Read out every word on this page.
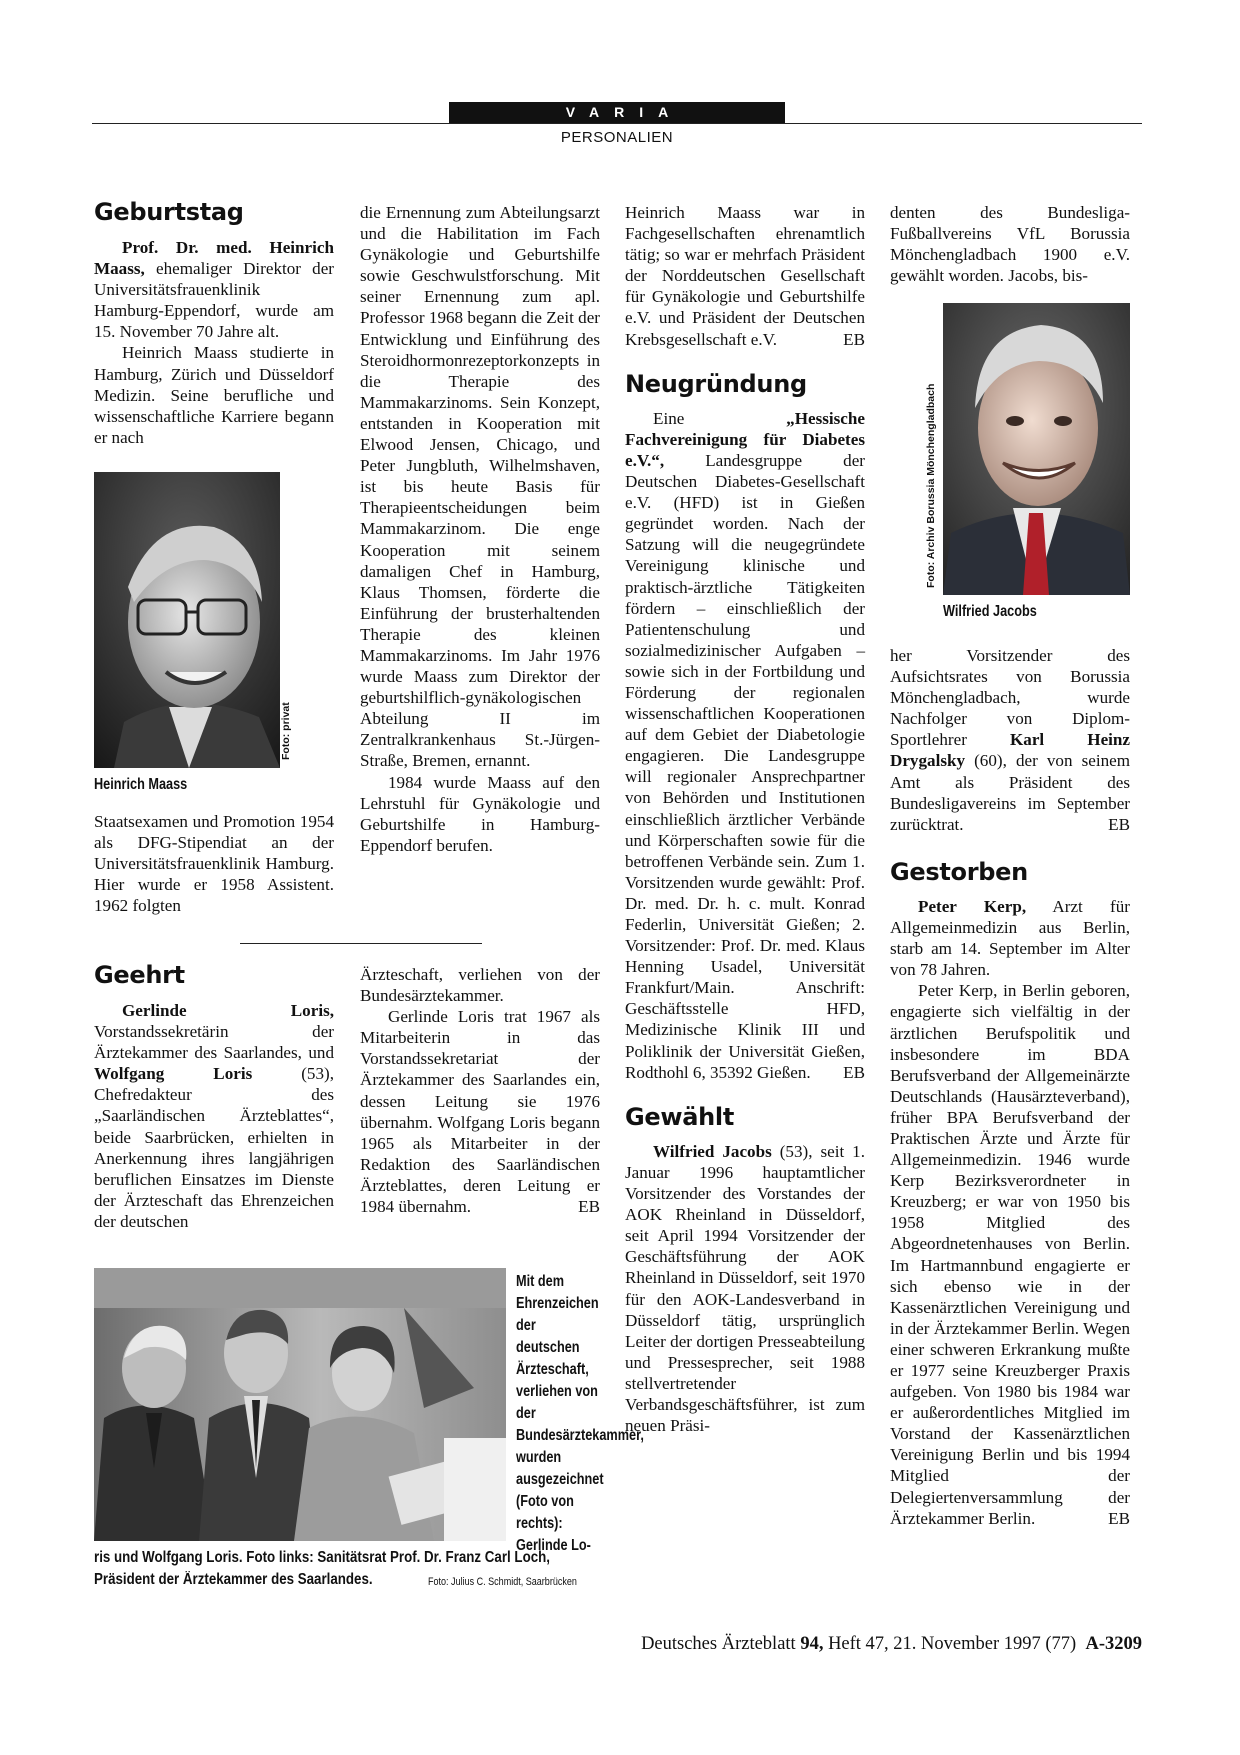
VARIA
PERSONALIEN
Geburtstag

Prof. Dr. med. Heinrich Maass, ehemaliger Direktor der Universitätsfrauenklinik Hamburg-Eppendorf, wurde am 15. November 70 Jahre alt.

Heinrich Maass studierte in Hamburg, Zürich und Düsseldorf Medizin. Seine berufliche und wissenschaftliche Karriere begann er nach

Foto: privat
Heinrich Maass

Staatsexamen und Promotion 1954 als DFG-Stipendiat an der Universitätsfrauenklinik Hamburg. Hier wurde er 1958 Assistent. 1962 folgten

die Ernennung zum Abteilungsarzt und die Habilitation im Fach Gynäkologie und Geburtshilfe sowie Geschwulstforschung. Mit seiner Ernennung zum apl. Professor 1968 begann die Zeit der Entwicklung und Einführung des Steroidhormonrezeptorkonzepts in die Therapie des Mammakarzinoms. Sein Konzept, entstanden in Kooperation mit Elwood Jensen, Chicago, und Peter Jungbluth, Wilhelmshaven, ist bis heute Basis für Therapieentscheidungen beim Mammakarzinom. Die enge Kooperation mit seinem damaligen Chef in Hamburg, Klaus Thomsen, förderte die Einführung der brusterhaltenden Therapie des kleinen Mammakarzinoms. Im Jahr 1976 wurde Maass zum Direktor der geburtshilflich-gynäkologischen Abteilung II im Zentralkrankenhaus St.-Jürgen-Straße, Bremen, ernannt.

1984 wurde Maass auf den Lehrstuhl für Gynäkologie und Geburtshilfe in Hamburg-Eppendorf berufen.

Geehrt

Gerlinde Loris, Vorstandssekretärin der Ärztekammer des Saarlandes, und Wolfgang Loris (53), Chefredakteur des „Saarländischen Ärzteblattes“, beide Saarbrücken, erhielten in Anerkennung ihres langjährigen beruflichen Einsatzes im Dienste der Ärzteschaft das Ehrenzeichen der deutschen

Ärzteschaft, verliehen von der Bundesärztekammer.

Gerlinde Loris trat 1967 als Mitarbeiterin in das Vorstandssekretariat der Ärztekammer des Saarlandes ein, dessen Leitung sie 1976 übernahm. Wolfgang Loris begann 1965 als Mitarbeiter in der Redaktion des Saarländischen Ärzteblattes, deren Leitung er 1984 übernahm.	EB

Mit dem Ehrenzeichen der deutschen Ärzteschaft, verliehen von der Bundesärztekammer, wurden ausgezeichnet (Foto von rechts): Gerlinde Lo-
ris und Wolfgang Loris. Foto links: Sanitätsrat Prof. Dr. Franz Carl Loch,
Präsident der Ärztekammer des Saarlandes.	Foto: Julius C. Schmidt, Saarbrücken

Heinrich Maass war in Fachgesellschaften ehrenamtlich tätig; so war er mehrfach Präsident der Norddeutschen Gesellschaft für Gynäkologie und Geburtshilfe e.V. und Präsident der Deutschen Krebsgesellschaft e.V.	EB

Neugründung

Eine „Hessische Fachvereinigung für Diabetes e.V.“, Landesgruppe der Deutschen Diabetes-Gesellschaft e.V. (HFD) ist in Gießen gegründet worden. Nach der Satzung will die neugegründete Vereinigung klinische und praktisch-ärztliche Tätigkeiten fördern – einschließlich der Patientenschulung und sozialmedizinischer Aufgaben – sowie sich in der Fortbildung und Förderung der regionalen wissenschaftlichen Kooperationen auf dem Gebiet der Diabetologie engagieren. Die Landesgruppe will regionaler Ansprechpartner von Behörden und Institutionen einschließlich ärztlicher Verbände und Körperschaften sowie für die betroffenen Verbände sein. Zum 1. Vorsitzenden wurde gewählt: Prof. Dr. med. Dr. h. c. mult. Konrad Federlin, Universität Gießen; 2. Vorsitzender: Prof. Dr. med. Klaus Henning Usadel, Universität Frankfurt/Main. Anschrift: Geschäftsstelle HFD, Medizinische Klinik III und Poliklinik der Universität Gießen, Rodthohl 6, 35392 Gießen.	EB

Gewählt

Wilfried Jacobs (53), seit 1. Januar 1996 hauptamtlicher Vorsitzender des Vorstandes der AOK Rheinland in Düsseldorf, seit April 1994 Vorsitzender der Geschäftsführung der AOK Rheinland in Düsseldorf, seit 1970 für den AOK-Landesverband in Düsseldorf tätig, ursprünglich Leiter der dortigen Presseabteilung und Pressesprecher, seit 1988 stellvertretender Verbandsgeschäftsführer, ist zum neuen Präsi-

denten des Bundesliga-Fußballvereins VfL Borussia Mönchengladbach 1900 e.V. gewählt worden. Jacobs, bis-

Foto: Archiv Borussia Mönchengladbach
Wilfried Jacobs

her Vorsitzender des Aufsichtsrates von Borussia Mönchengladbach, wurde Nachfolger von Diplom-Sportlehrer Karl Heinz Drygalsky (60), der von seinem Amt als Präsident des Bundesligavereins im September zurücktrat.	EB

Gestorben

Peter Kerp, Arzt für Allgemeinmedizin aus Berlin, starb am 14. September im Alter von 78 Jahren.

Peter Kerp, in Berlin geboren, engagierte sich vielfältig in der ärztlichen Berufspolitik und insbesondere im BDA Berufsverband der Allgemeinärzte Deutschlands (Hausärzteverband), früher BPA Berufsverband der Praktischen Ärzte und Ärzte für Allgemeinmedizin. 1946 wurde Kerp Bezirksverordneter in Kreuzberg; er war von 1950 bis 1958 Mitglied des Abgeordnetenhauses von Berlin. Im Hartmannbund engagierte er sich ebenso wie in der Kassenärztlichen Vereinigung und in der Ärztekammer Berlin. Wegen einer schweren Erkrankung mußte er 1977 seine Kreuzberger Praxis aufgeben. Von 1980 bis 1984 war er außerordentliches Mitglied im Vorstand der Kassenärztlichen Vereinigung Berlin und bis 1994 Mitglied der Delegiertenversammlung der Ärztekammer Berlin.	EB

Deutsches Ärzteblatt 94, Heft 47, 21. November 1997 (77)  A-3209
